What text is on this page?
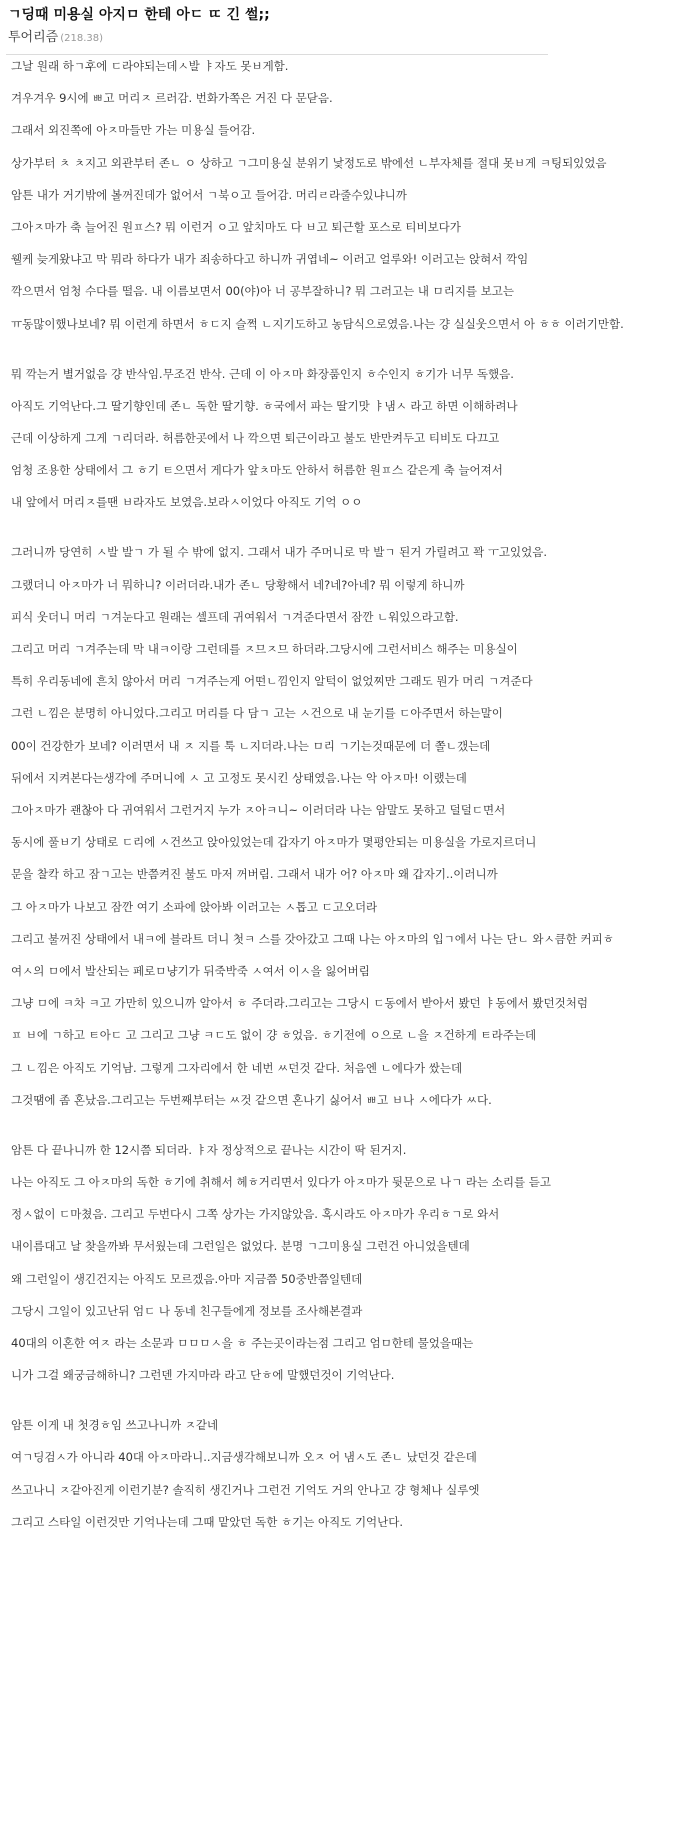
ㄱ딩때 미용실 아지ㅁ 한테 아ㄷ ㄸ 긴 썰;;
투어리즘 (218.38)
그날 원래 하ㄱ후에 ㄷ라야되는데ㅅ발 ㅑ자도 못ㅂ게함.
겨우겨우 9시에 ㅃ고 머리ㅈ 르러감. 번화가쪽은 거진 다 문닫음.
그래서 외진쪽에 아ㅈ마들만 가는 미용실 들어감.
상가부터 ㅊ ㅊ지고 외관부터 존ㄴ ㅇ 상하고 ㄱ그미용실 분위기 낯정도로 밖에선 ㄴ부자체를 절대 못ㅂ게 ㅋ팅되있었음
암튼 내가 거기밖에 볼꺼진데가 없어서 ㄱ북ㅇ고 들어감. 머리ㄹ라줄수있냐니까
그아ㅈ마가 축 늘어진 원ㅍ스? 뭐 이런거 ㅇ고 앞치마도 다 ㅂ고 퇴근할 포스로 티비보다가
웰케 늦게왔냐고 막 뭐라 하다가 내가 죄송하다고 하니까 귀엽네~ 이러고 얼루와! 이러고는 앉혀서 깍임
깍으면서 엄청 수다를 떨음. 내 이름보면서 00(야)아 너 공부잘하니? 뭐 그러고는 내 ㅁ리지를 보고는
ㅠ동많이했나보네? 뭐 이런게 하면서 ㅎㄷ지 슬쩍 ㄴ지기도하고 농담식으로였음.나는 걍 실실웃으면서 아 ㅎㅎ 이러기만함.
뭐 깍는거 별거없음 걍 반삭임.무조건 반삭. 근데 이 아ㅈ마 화장품인지 ㅎ수인지 ㅎ기가 너무 독했음.
아직도 기억난다.그 딸기향인데 존ㄴ 독한 딸기향. ㅎ국에서 파는 딸기맛 ㅑ냄ㅅ 라고 하면 이해하려나
근데 이상하게 그게 ㄱ리더라. 허름한곳에서 나 깍으면 퇴근이라고 불도 반만켜두고 티비도 다끄고
엄청 조용한 상태에서 그 ㅎ기 ㅌ으면서 게다가 앞ㅊ마도 안하서 허름한 원ㅍ스 같은게 축 늘어져서
내 앞에서 머리ㅈ를땐 ㅂ라자도 보였음.보라ㅅ이었다 아직도 기억 ㅇㅇ
그러니까 당연히 ㅅ발 발ㄱ 가 될 수 밖에 없지. 그래서 내가 주머니로 막 발ㄱ 된거 가릴려고 꽉 ㅜ고있었음.
그랬더니 아ㅈ마가 너 뭐하니? 이러더라.내가 존ㄴ 당황해서 네?네?아네? 뭐 이렇게 하니까
피식 웃더니 머리 ㄱ겨눈다고 원래는 셀프데 귀여워서 ㄱ겨준다면서 잠깐 ㄴ워있으라고함.
그리고 머리 ㄱ겨주는데 막 내ㅋ이랑 그런데를 ㅈ므ㅈ므 하더라.그당시에 그런서비스 해주는 미용실이
특히 우리동네에 흔치 않아서 머리 ㄱ겨주는게 어떤ㄴ낌인지 알턱이 없었찌만 그래도 뭔가 머리 ㄱ겨준다
그런 ㄴ낌은 분명히 아니었다.그리고 머리를 다 담ㄱ 고는 ㅅ건으로 내 눈기를 ㄷ아주면서 하는말이
00이 건강한가 보네? 이러면서 내 ㅈ 지를 툭 ㄴ지더라.나는 ㅁ리 ㄱ기는것때문에 더 쫄ㄴ갰는데
뒤에서 지켜본다는생각에 주머니에 ㅅ 고 고정도 못시킨 상태였음.나는 악 아ㅈ마! 이랬는데
그아ㅈ마가 괜찮아 다 귀여워서 그런거지 누가 ㅈ아ㅋ니~ 이러더라 나는 암말도 못하고 덜덜ㄷ면서
동시에 풀ㅂ기 상태로 ㄷ리에 ㅅ건쓰고 앉아있었는데 갑자기 아ㅈ마가 몇평안되는 미용실을 가로지르더니
문을 찰칵 하고 잠ㄱ고는 반쯤켜진 불도 마저 꺼버림. 그래서 내가 어? 아ㅈ마 왜 갑자기..이러니까
그 아ㅈ마가 나보고 잠깐 여기 소파에 앉아봐 이러고는 ㅅ톱고 ㄷ고오더라
그리고 불꺼진 상태에서 내ㅋ에 블라트 더니 첫ㅋ 스를 갓아갔고 그때 나는 아ㅈ마의 입ㄱ에서 나는 단ㄴ 와ㅅ큼한 커피ㅎ
여ㅅ의 ㅁ에서 발산되는 페로ㅁ냥기가 뒤죽박죽 ㅅ여서 이ㅅ을 잃어버림
그냥 ㅁ에 ㅋ차 ㅋ고 가만히 있으니까 알아서 ㅎ 주더라.그리고는 그당시 ㄷ동에서 받아서 봤던 ㅑ동에서 봤던것처럼
ㅍ ㅂ에 ㄱ하고 ㅌ아ㄷ 고 그리고 그냥 ㅋㄷ도 없이 걍 ㅎ었음. ㅎ기전에 ㅇ으로 ㄴ을 ㅈ건하게 ㅌ라주는데
그 ㄴ낌은 아직도 기억남. 그렇게 그자리에서 한 네번 ㅆ던것 같다. 처음엔 ㄴ에다가 쌌는데
그것땜에 좀 혼났음.그리고는 두번째부터는 ㅆ것 같으면 혼나기 싫어서 ㅃ고 ㅂ나 ㅅ에다가 ㅆ다.
암튼 다 끝나니까 한 12시쯤 되더라. ㅑ자 정상적으로 끝나는 시간이 딱 된거지.
나는 아직도 그 아ㅈ마의 독한 ㅎ기에 취해서 헤ㅎ거리면서 있다가 아ㅈ마가 뒷문으로 나ㄱ 라는 소리를 듣고
정ㅅ없이 ㄷ마쳤음. 그리고 두번다시 그쪽 상가는 가지않았음. 혹시라도 아ㅈ마가 우리ㅎㄱ로 와서
내이름대고 날 찾을까봐 무서웠는데 그런일은 없었다. 분명 ㄱ그미용실 그런건 아니었을텐데
왜 그런일이 생긴건지는 아직도 모르겠음.아마 지금쯤 50중반쯤일텐데
그당시 그일이 있고난뒤 엄ㄷ 나 동네 친구들에게 정보를 조사해본결과
40대의 이혼한 여ㅈ 라는 소문과 ㅁㅁㅁㅅ을 ㅎ 주는곳이라는점 그리고 엄ㅁ한테 물었을때는
니가 그걸 왜궁금해하니? 그런덴 가지마라 라고 단ㅎ에 말했던것이 기억난다.
암튼 이게 내 첫경ㅎ임 쓰고나니까 ㅈ같네
여ㄱ딩검ㅅ가 아니라 40대 아ㅈ마라니..지금생각해보니까 오ㅈ 어 냄ㅅ도 존ㄴ 났던것 같은데
쓰고나니 ㅈ같아진게 이런기분? 솔직히 생긴거나 그런건 기억도 거의 안나고 걍 형체나 실루엣
그리고 스타일 이런것만 기억나는데 그때 맡았던 독한 ㅎ기는 아직도 기억난다.
